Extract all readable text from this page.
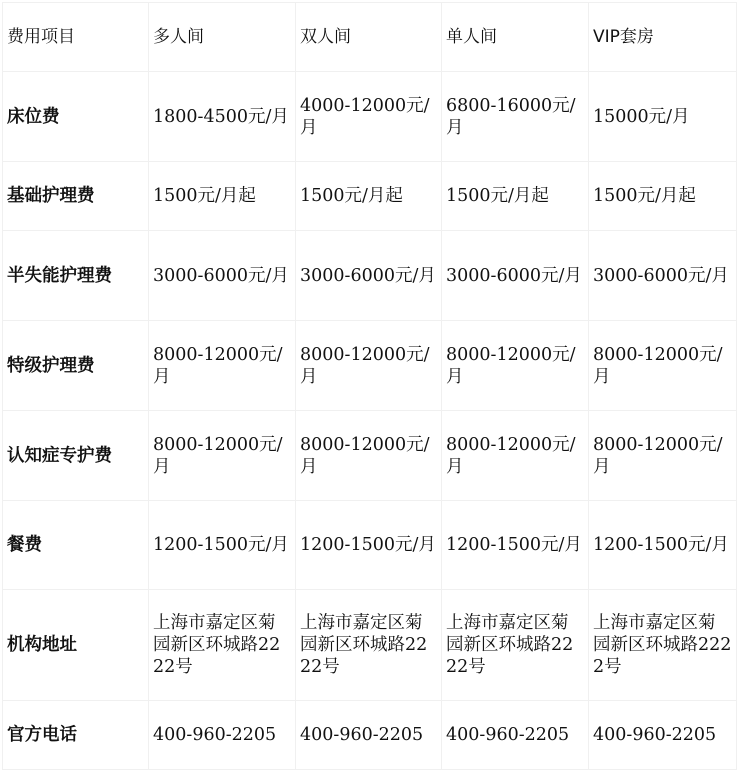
费用项目	多人间	双人间	单人间	VIP套房
床位费	1800-4500元/月	4000-12000元/月	6800-16000元/月	15000元/月
基础护理费	1500元/月起	1500元/月起	1500元/月起	1500元/月起
半失能护理费	3000-6000元/月	3000-6000元/月	3000-6000元/月	3000-6000元/月
特级护理费	8000-12000元/月	8000-12000元/月	8000-12000元/月	8000-12000元/月
认知症专护费	8000-12000元/月	8000-12000元/月	8000-12000元/月	8000-12000元/月
餐费	1200-1500元/月	1200-1500元/月	1200-1500元/月	1200-1500元/月
机构地址	上海市嘉定区菊园新区环城路2222号	上海市嘉定区菊园新区环城路2222号	上海市嘉定区菊园新区环城路2222号	上海市嘉定区菊园新区环城路2222号
官方电话	400-960-2205	400-960-2205	400-960-2205	400-960-2205
